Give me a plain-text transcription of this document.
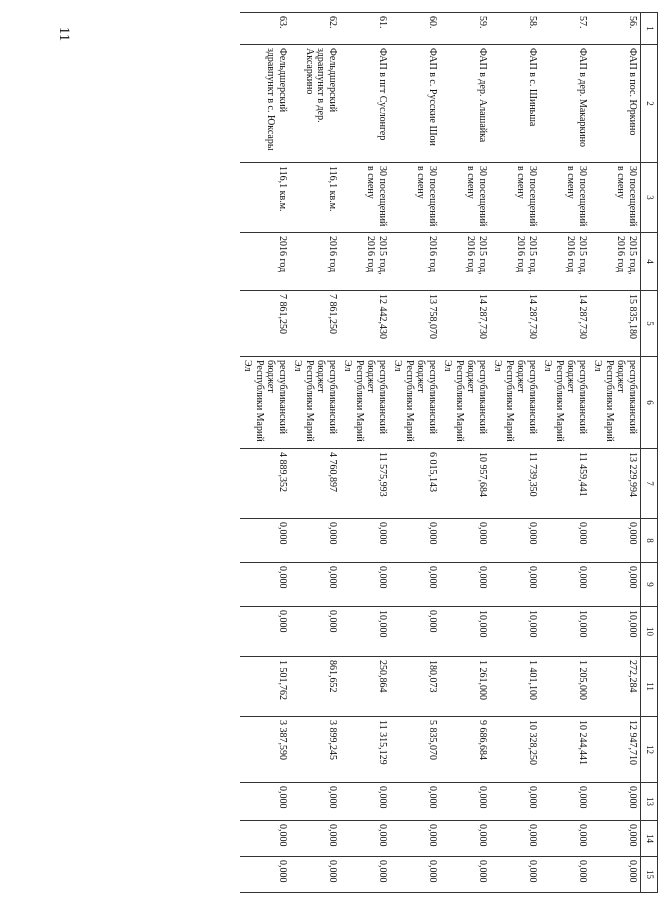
11	1	2	3	4	5	6	7	8	9	10	11	12	13	14	15
56.	ФАП в пос. Юркино	30 посещений в смену	2015 год, 2016 год	15 835,180	республиканский бюджет Республики Марий Эл	13 229,994	0,000	0,000	10,000	272,284	12 947,710	0,000	0,000	0,000
57.	ФАП в дер. Макаркино	30 посещений в смену	2015 год, 2016 год	14 287,730	республиканский бюджет Республики Марий Эл	11 459,441	0,000	0,000	10,000	1 205,000	10 244,441	0,000	0,000	0,000
58.	ФАП в с. Шиньша	30 посещений в смену	2015 год, 2016 год	14 287,730	республиканский бюджет Республики Марий Эл	11 739,350	0,000	0,000	10,000	1 401,100	10 328,250	0,000	0,000	0,000
59.	ФАП в дер. Алашайка	30 посещений в смену	2015 год, 2016 год	14 287,730	республиканский бюджет Республики Марий Эл	10 957,684	0,000	0,000	10,000	1 261,000	9 686,684	0,000	0,000	0,000
60.	ФАП в с. Русские Шои	30 посещений в смену	2016 год	13 758,070	республиканский бюджет Республики Марий Эл	6 015,143	0,000	0,000	0,000	180,073	5 835,070	0,000	0,000	0,000
61.	ФАП в пгт Суслонгер	30 посещений в смену	2015 год, 2016 год	12 442,430	республиканский бюджет Республики Марий Эл	11 575,993	0,000	0,000	10,000	250,864	11 315,129	0,000	0,000	0,000
62.	Фельдшерский здравпункт в дер. Аксаркино	116,1 кв.м.	2016 год	7 861,250	республиканский бюджет Республики Марий Эл	4 760,897	0,000	0,000	0,000	861,652	3 899,245	0,000	0,000	0,000
63.	Фельдшерский здравпункт в с. Юксары	116,1 кв.м.	2016 год	7 861,250	республиканский бюджет Республики Марий Эл	4 889,352	0,000	0,000	0,000	1 501,762	3 387,590	0,000	0,000	0,000
